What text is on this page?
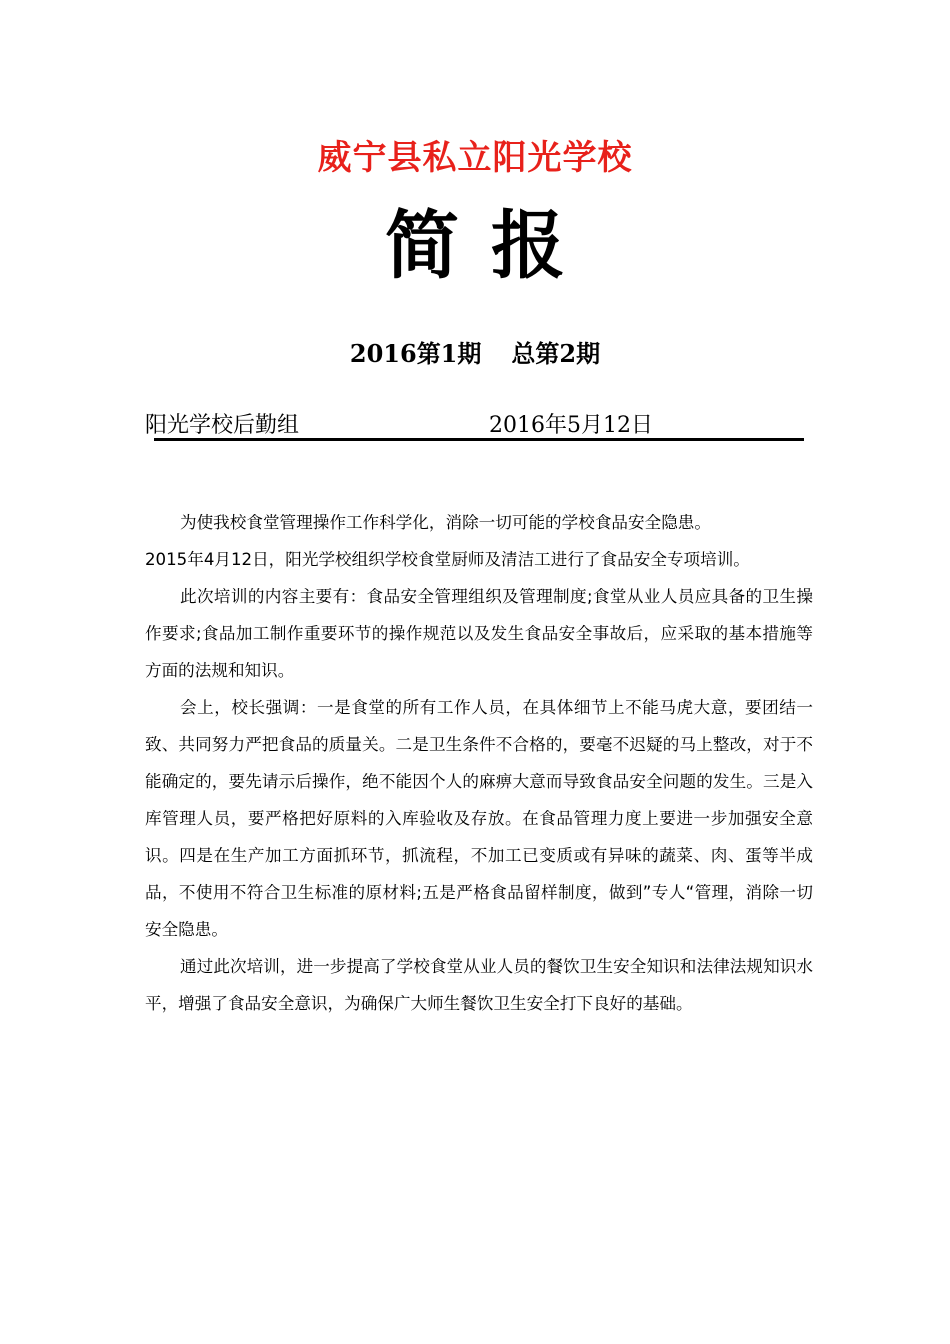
威宁县私立阳光学校
简报
2016第1期 总第2期
阳光学校后勤组	2016年5月12日

为使我校食堂管理操作工作科学化，消除一切可能的学校食品安全隐患。

2015年4月12日，阳光学校组织学校食堂厨师及清洁工进行了食品安全专项培训。

此次培训的内容主要有：食品安全管理组织及管理制度;食堂从业人员应具备的卫生操作要求;食品加工制作重要环节的操作规范以及发生食品安全事故后，应采取的基本措施等方面的法规和知识。

会上，校长强调：一是食堂的所有工作人员，在具体细节上不能马虎大意，要团结一致、共同努力严把食品的质量关。二是卫生条件不合格的，要毫不迟疑的马上整改，对于不能确定的，要先请示后操作，绝不能因个人的麻痹大意而导致食品安全问题的发生。三是入库管理人员，要严格把好原料的入库验收及存放。在食品管理力度上要进一步加强安全意识。四是在生产加工方面抓环节，抓流程，不加工已变质或有异味的蔬菜、肉、蛋等半成品，不使用不符合卫生标准的原材料;五是严格食品留样制度，做到”专人“管理，消除一切安全隐患。

通过此次培训，进一步提高了学校食堂从业人员的餐饮卫生安全知识和法律法规知识水平，增强了食品安全意识，为确保广大师生餐饮卫生安全打下良好的基础。
